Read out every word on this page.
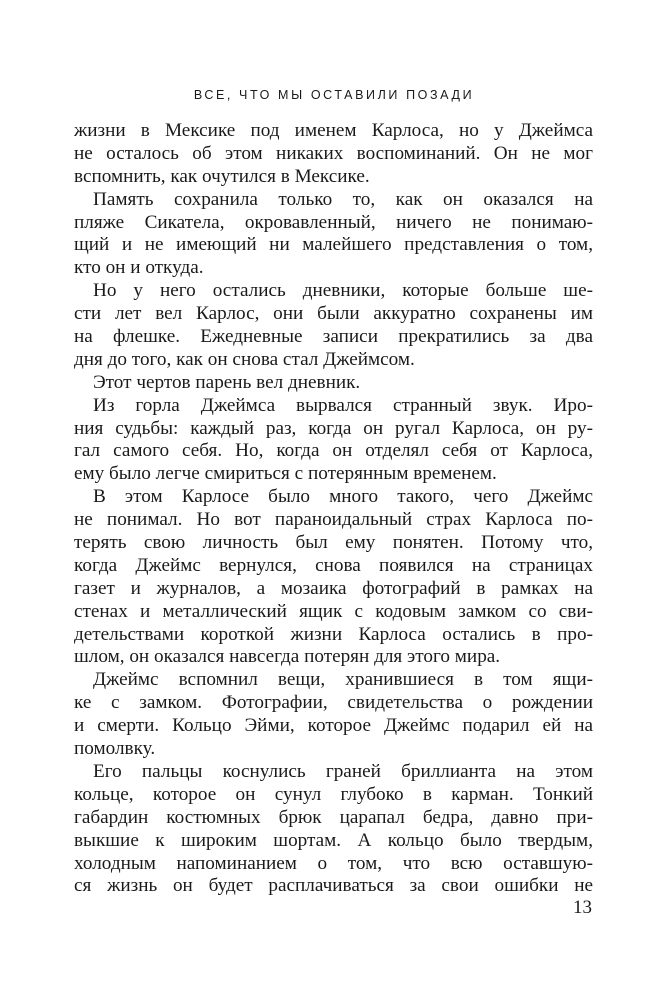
ВСЕ, ЧТО МЫ ОСТАВИЛИ ПОЗАДИ
жизни в Мексике под именем Карлоса, но у Джеймса
не осталось об этом никаких воспоминаний. Он не мог
вспомнить, как очутился в Мексике.
Память сохранила только то, как он оказался на
пляже Сикатела, окровавленный, ничего не понимаю-
щий и не имеющий ни малейшего представления о том,
кто он и откуда.
Но у него остались дневники, которые больше ше-
сти лет вел Карлос, они были аккуратно сохранены им
на флешке. Ежедневные записи прекратились за два
дня до того, как он снова стал Джеймсом.
Этот чертов парень вел дневник.
Из горла Джеймса вырвался странный звук. Иро-
ния судьбы: каждый раз, когда он ругал Карлоса, он ру-
гал самого себя. Но, когда он отделял себя от Карлоса,
ему было легче смириться с потерянным временем.
В этом Карлосе было много такого, чего Джеймс
не понимал. Но вот параноидальный страх Карлоса по-
терять свою личность был ему понятен. Потому что,
когда Джеймс вернулся, снова появился на страницах
газет и журналов, а мозаика фотографий в рамках на
стенах и металлический ящик с кодовым замком со сви-
детельствами короткой жизни Карлоса остались в про-
шлом, он оказался навсегда потерян для этого мира.
Джеймс вспомнил вещи, хранившиеся в том ящи-
ке с замком. Фотографии, свидетельства о рождении
и смерти. Кольцо Эйми, которое Джеймс подарил ей на
помолвку.
Его пальцы коснулись граней бриллианта на этом
кольце, которое он сунул глубоко в карман. Тонкий
габардин костюмных брюк царапал бедра, давно при-
выкшие к широким шортам. А кольцо было твердым,
холодным напоминанием о том, что всю оставшую-
ся жизнь он будет расплачиваться за свои ошибки не
13
